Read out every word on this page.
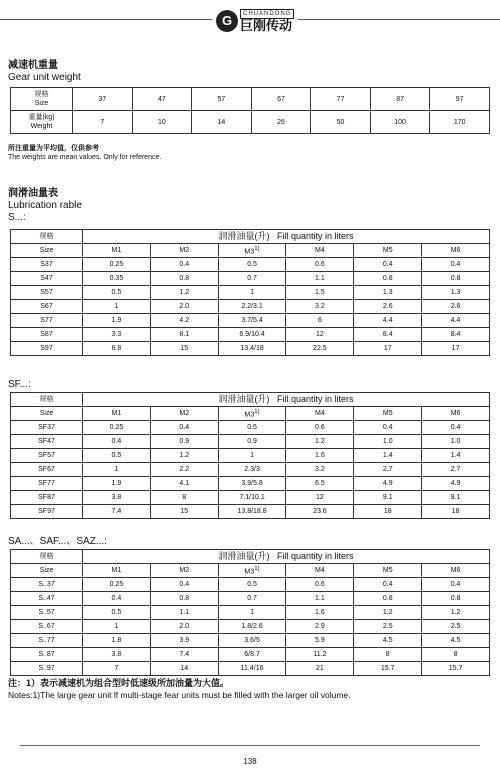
G	CHUANDONG
巨刚传动
减速机重量
Gear unit weight
规格
Size	37	47	57	67	77	87	97
重量(kg)
Weight	7	10	14	26	50	100	170
所注重量为平均值，仅供参考
The weights are mean values. Only for reference.
润滑油量表
Lubrication rable
S...:
规格	润滑油量(升) Fill quantity in liters					
Size	M1	M2	M3$^{1)}$	M4	M5	M6
S37	0.25	0.4	0.5	0.6	0.4	0.4
S47	0.35	0.8	0.7	1.1	0.8	0.8
S57	0.5	1.2	1	1.5	1.3	1.3
S67	1	2.0	2.2/3.1	3.2	2.6	2.6
S77	1.9	4.2	3.7/5.4	6	4.4	4.4
S87	3.3	8.1	6.9/10.4	12	8.4	8.4
S97	6.8	15	13.4/18	22.5	17	17
SF...:
规格	润滑油量(升) Fill quantity in liters					
Size	M1	M2	M3$^{1)}$	M4	M5	M6
SF37	0.25	0.4	0.5	0.6	0.4	0.4
SF47	0.4	0.9	0.9	1.2	1.0	1.0
SF57	0.5	1.2	1	1.6	1.4	1.4
SF67	1	2.2	2.3/3	3.2	2.7	2.7
SF77	1.9	4.1	3.9/5.8	6.5	4.9	4.9
SF87	3.8	8	7.1/10.1	12	9.1	9.1
SF97	7.4	15	13.8/18.8	23.6	18	18
SA...、SAF...、SAZ...:
规格	润滑油量(升) Fill quantity in liters					
Size	M1	M2	M3$^{1)}$	M4	M5	M6
S..37	0.25	0.4	0.5	0.6	0.4	0.4
S..47	0.4	0.8	0.7	1.1	0.8	0.8
S..57	0.5	1.1	1	1.6	1.2	1.2
S..67	1	2.0	1.8/2.6	2.9	2.5	2.5
S..77	1.8	3.9	3.6/5	5.9	4.5	4.5
S..87	3.8	7.4	6/8.7	11.2	8	8
S..97	7	14	11.4/16	21	15.7	15.7
注：1）表示减速机为组合型时低速级所加油量为大值。
Notes:1)The large gear unit lf multi-stage fear units must be filled with the larger oil volume.
138
